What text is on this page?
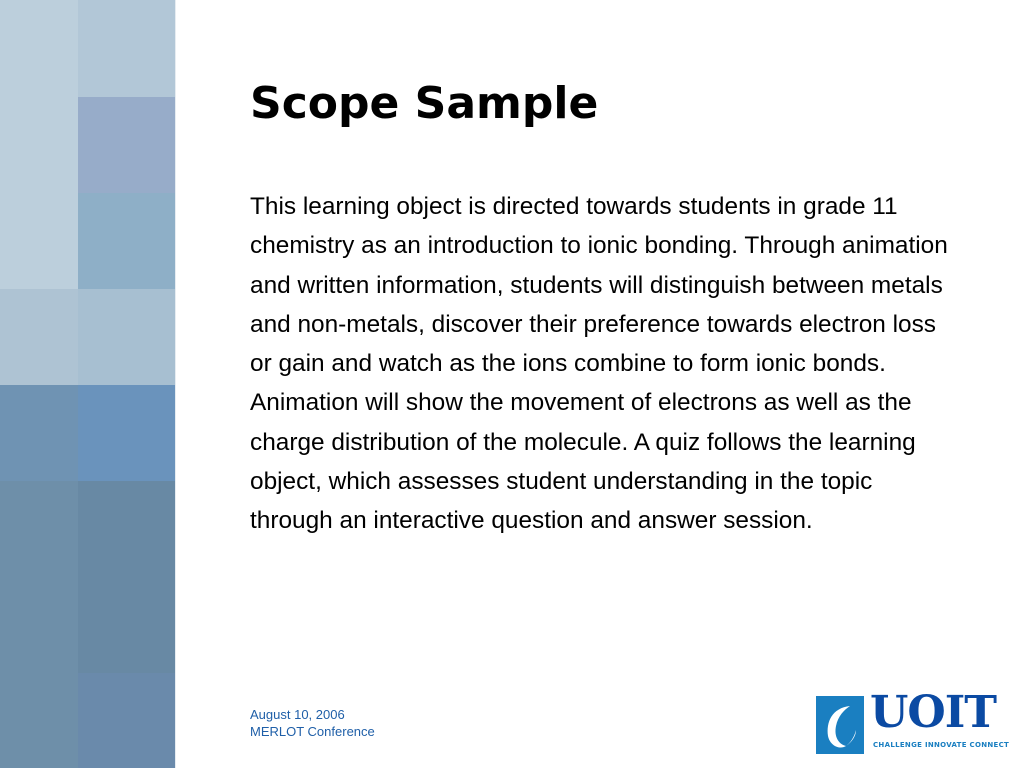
Scope Sample

This learning object is directed towards students in grade 11 chemistry as an introduction to ionic bonding. Through animation and written information, students will distinguish between metals and non-metals, discover their preference towards electron loss or gain and watch as the ions combine to form ionic bonds. Animation will show the movement of electrons as well as the charge distribution of the molecule. A quiz follows the learning object, which assesses student understanding in the topic through an interactive question and answer session.

August 10, 2006
MERLOT Conference	UOIT

CHALLENGE INNOVATE CONNECT
